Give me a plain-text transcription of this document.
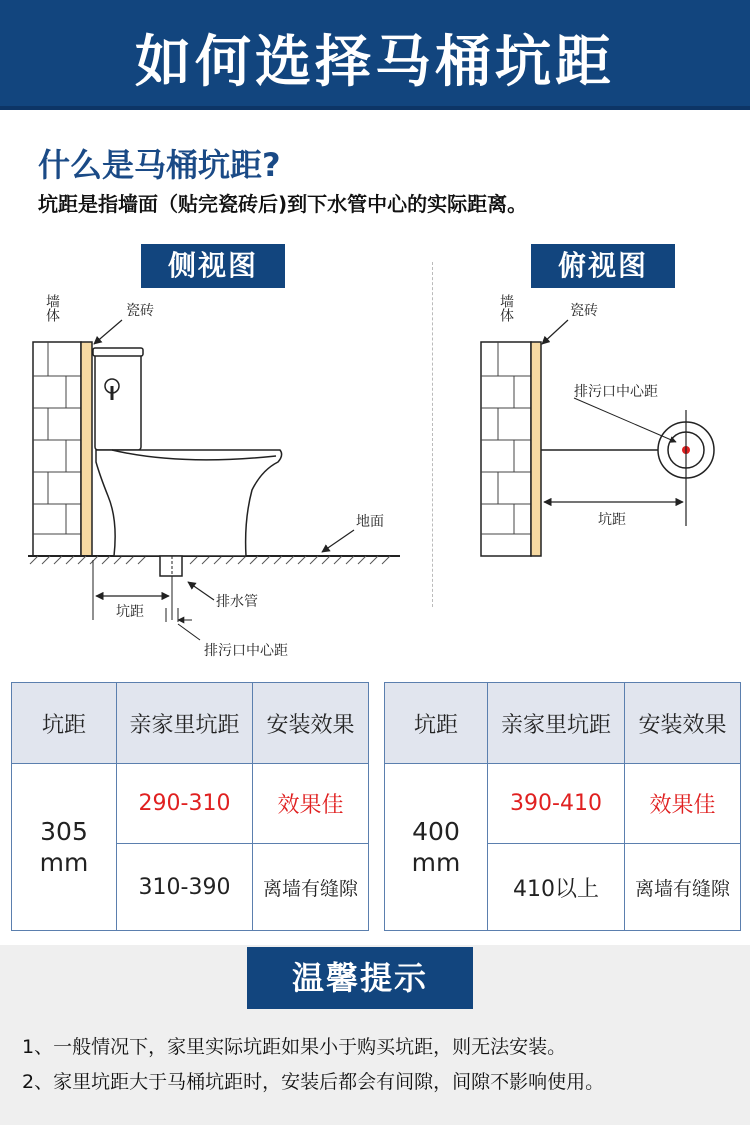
如何选择马桶坑距
什么是马桶坑距?
坑距是指墙面（贴完瓷砖后)到下水管中心的实际距离。
侧视图	俯视图
墙体	瓷砖
地面
排水管
坑距
排污口中心距
墙体	瓷砖
排污口中心距
坑距
坑距	亲家里坑距	安装效果

305
mm	290-310	效果佳
	310-390	离墙有缝隙
坑距	亲家里坑距	安装效果

400
mm	390-410	效果佳
	410以上	离墙有缝隙
温馨提示
1、一般情况下，家里实际坑距如果小于购买坑距，则无法安装。
2、家里坑距大于马桶坑距时，安装后都会有间隙，间隙不影响使用。
